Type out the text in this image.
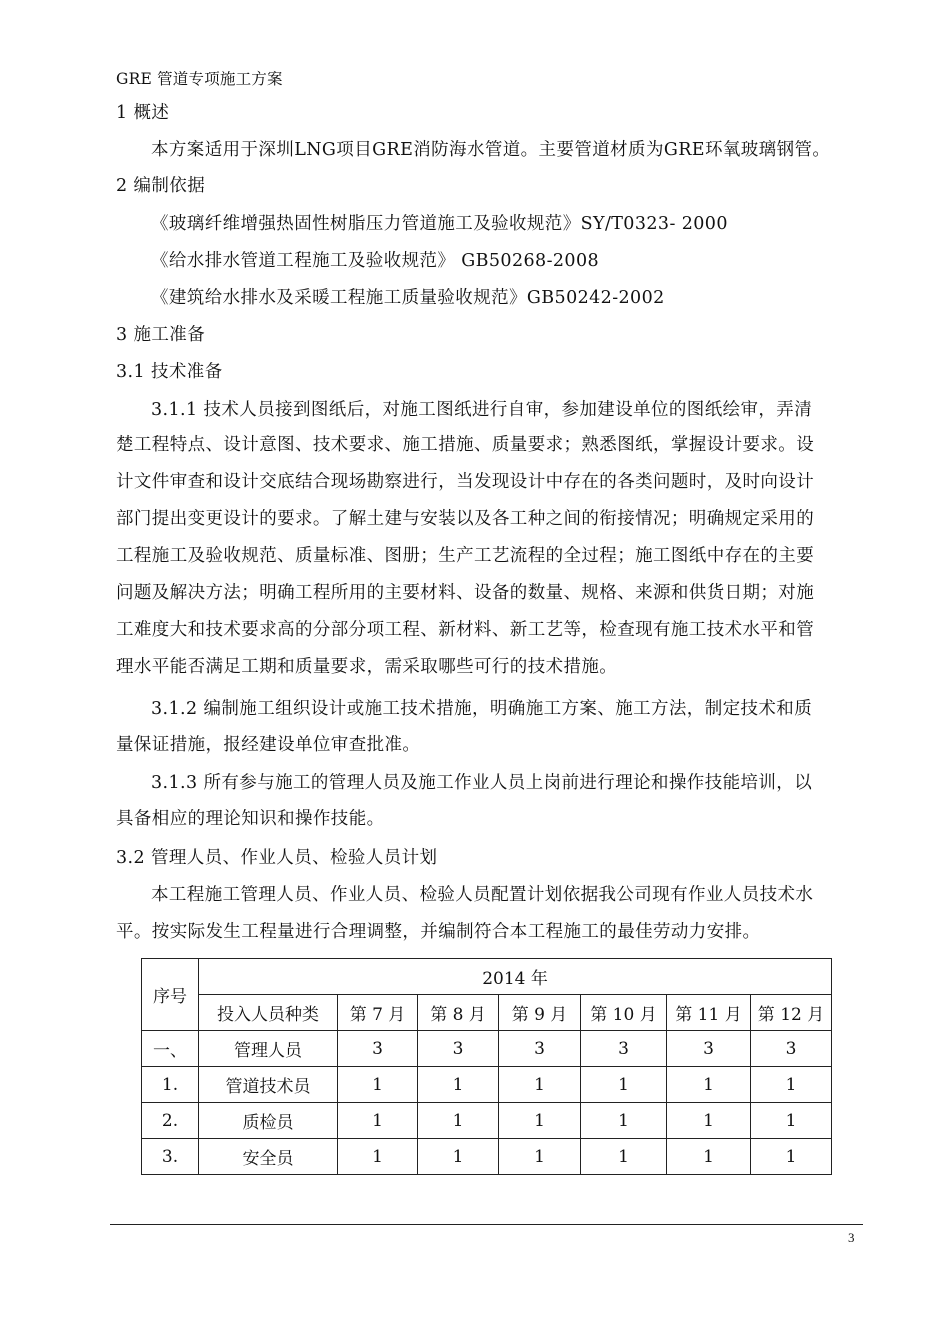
GRE 管道专项施工方案

1 概述

本方案适用于深圳LNG项目GRE消防海水管道。主要管道材质为GRE环氧玻璃钢管。

2 编制依据

《玻璃纤维增强热固性树脂压力管道施工及验收规范》SY/T0323- 2000

《给水排水管道工程施工及验收规范》 GB50268-2008

《建筑给水排水及采暖工程施工质量验收规范》GB50242-2002

3 施工准备

3.1 技术准备

3.1.1 技术人员接到图纸后，对施工图纸进行自审，参加建设单位的图纸绘审，弄清

楚工程特点、设计意图、技术要求、施工措施、质量要求；熟悉图纸，掌握设计要求。设

计文件审查和设计交底结合现场勘察进行，当发现设计中存在的各类问题时，及时向设计

部门提出变更设计的要求。了解土建与安装以及各工种之间的衔接情况；明确规定采用的

工程施工及验收规范、质量标准、图册；生产工艺流程的全过程；施工图纸中存在的主要

问题及解决方法；明确工程所用的主要材料、设备的数量、规格、来源和供货日期；对施

工难度大和技术要求高的分部分项工程、新材料、新工艺等，检查现有施工技术水平和管

理水平能否满足工期和质量要求，需采取哪些可行的技术措施。

3.1.2 编制施工组织设计或施工技术措施，明确施工方案、施工方法，制定技术和质

量保证措施，报经建设单位审查批准。

3.1.3 所有参与施工的管理人员及施工作业人员上岗前进行理论和操作技能培训，以

具备相应的理论知识和操作技能。

3.2 管理人员、作业人员、检验人员计划

本工程施工管理人员、作业人员、检验人员配置计划依据我公司现有作业人员技术水

平。按实际发生工程量进行合理调整，并编制符合本工程施工的最佳劳动力安排。

序号	2014 年						
	投入人员种类	第 7 月	第 8 月	第 9 月	第 10 月	第 11 月	第 12 月
一、	管理人员	3	3	3	3	3	3
1.	管道技术员	1	1	1	1	1	1
2.	质检员	1	1	1	1	1	1
3.	安全员	1	1	1	1	1	1
3
